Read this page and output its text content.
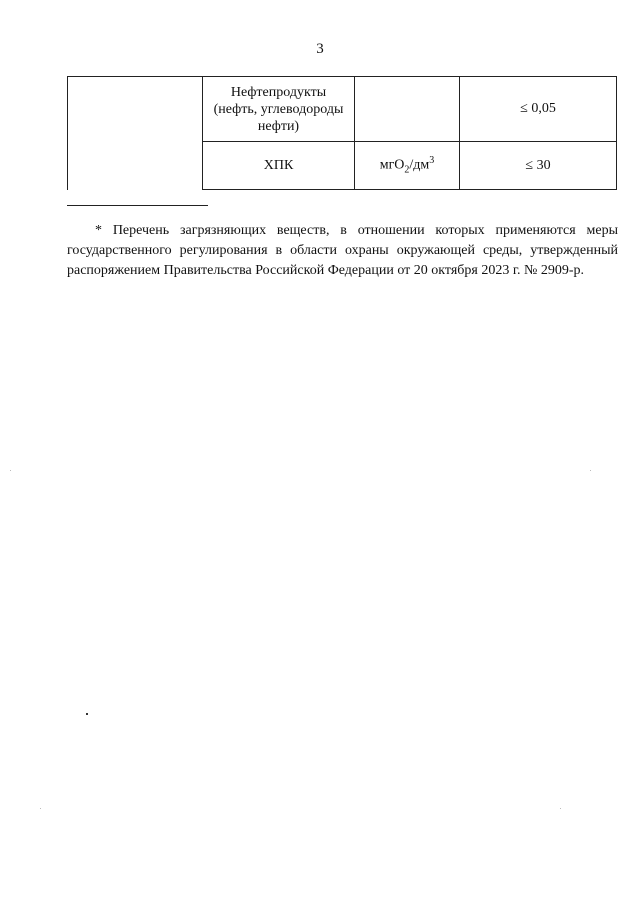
3

	Нефтепродукты
(нефть, углеводороды
нефти)		≤ 0,05
	ХПК	$мгO_2/дм^3$	≤ 30
* Перечень загрязняющих веществ, в отношении которых применяются меры государственного регулирования в области охраны окружающей среды, утвержденный распоряжением Правительства Российской Федерации от 20 октября 2023 г. № 2909-р.
